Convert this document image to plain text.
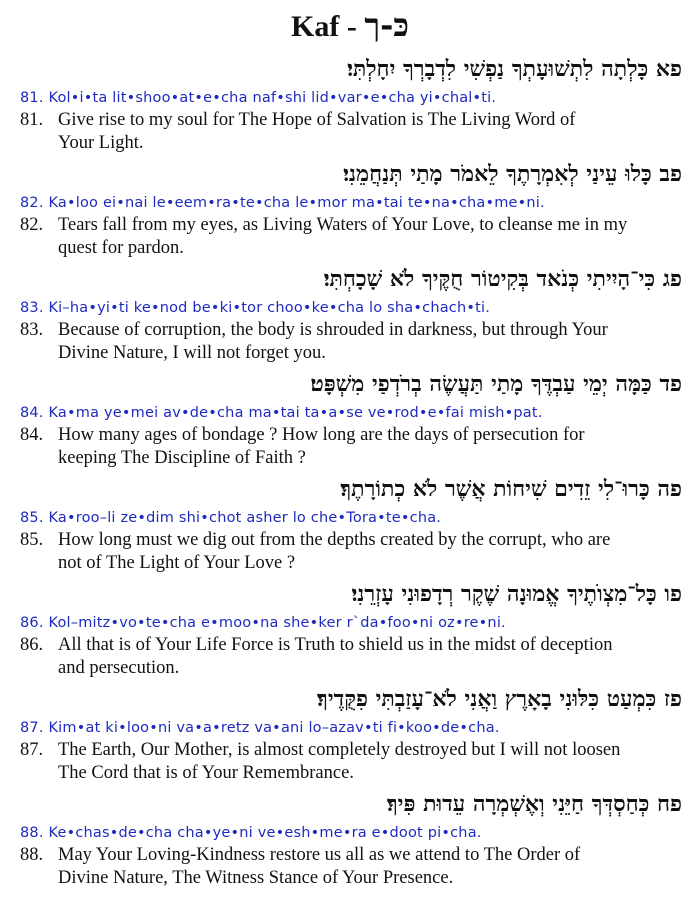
Kaf - כּ-ך
פא כָּלְתָה לִתְשׁוּעָתְךָ נַפְשִׁי לִדְבָרְךָ יִחָלְתִּי׃
81. Kol•i•ta lit•shoo•at•e•cha naf•shi lid•var•e•cha yi•chal•ti.
81. Give rise to my soul for The Hope of Salvation is The Living Word of
Your Light.
פב כָּלוּ עֵינַי לְאִמְרָתֶךָ לֵאמֹר מָתַי תְּנַחֲמֵנִי׃
82. Ka•loo ei•nai le•eem•ra•te•cha le•mor ma•tai te•na•cha•me•ni.
82. Tears fall from my eyes, as Living Waters of Your Love, to cleanse me in my
quest for pardon.
פג כִּי־הָיִיתִי כְּנֹאד בְּקִיטוֹר חֻקֶּיךָ לֹא שָׁכָחְתִּי׃
83. Ki–ha•yi•ti ke•nod be•ki•tor choo•ke•cha lo sha•chach•ti.
83. Because of corruption, the body is shrouded in darkness, but through Your
Divine Nature, I will not forget you.
פד כַּמָּה יְמֵי עַבְדֶּךָ מָתַי תַּעֲשֶׂה בְרֹדְפַי מִשְׁפָּט׃
84. Ka•ma ye•mei av•de•cha ma•tai ta•a•se ve•rod•e•fai mish•pat.
84. How many ages of bondage ? How long are the days of persecution for
keeping The Discipline of Faith ?
פה כָּרוּ־לִי זֵדִים שִׁיחוֹת אֲשֶׁר לֹא כְתוֹרָתֶךָ׃
85. Ka•roo–li ze•dim shi•chot asher lo che•Tora•te•cha.
85. How long must we dig out from the depths created by the corrupt, who are
not of The Light of Your Love ?
פו כָּל־מִצְוֺתֶיךָ אֱמוּנָה שֶׁקֶר רְדָפוּנִי עָזְרֵנִי׃
86. Kol–mitz•vo•te•cha e•moo•na she•ker r`da•foo•ni oz•re•ni.
86. All that is of Your Life Force is Truth to shield us in the midst of deception
and persecution.
פז כִּמְעַט כִּלּוּנִי בָאָרֶץ וַאֲנִי לֹא־עָזַבְתִּי פִקֻּדֶיךָ׃
87. Kim•at ki•loo•ni va•a•retz va•ani lo–azav•ti fi•koo•de•cha.
87. The Earth, Our Mother, is almost completely destroyed but I will not loosen
The Cord that is of Your Remembrance.
פח כְּחַסְדְּךָ חַיֵּנִי וְאֶשְׁמְרָה עֵדוּת פִּיךָ׃
88. Ke•chas•de•cha cha•ye•ni ve•esh•me•ra e•doot pi•cha.
88. May Your Loving-Kindness restore us all as we attend to The Order of
Divine Nature, The Witness Stance of Your Presence.
